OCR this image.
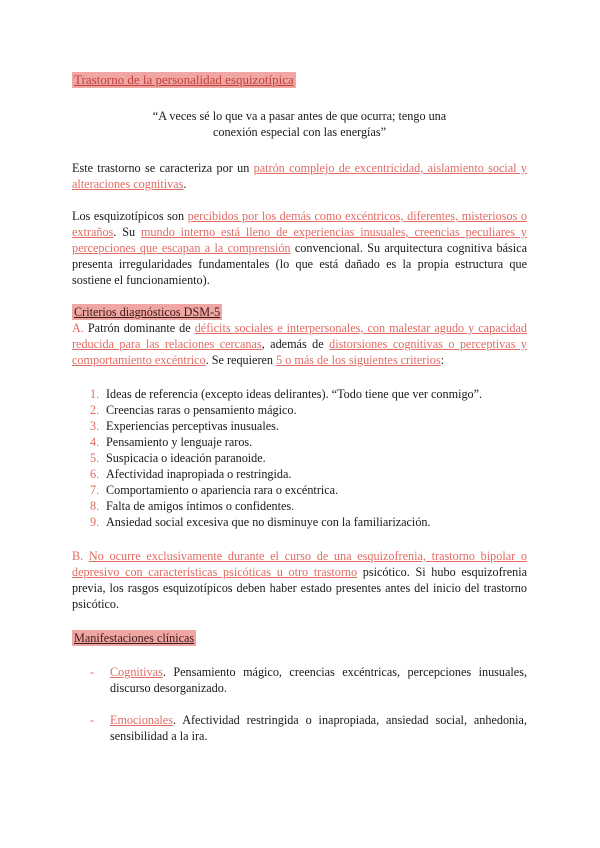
Trastorno de la personalidad esquizotípica
“A veces sé lo que va a pasar antes de que ocurra; tengo una
conexión especial con las energías”

Este trastorno se caracteriza por un patrón complejo de excentricidad, aislamiento social y alteraciones cognitivas.

Los esquizotípicos son percibidos por los demás como excéntricos, diferentes, misteriosos o extraños. Su mundo interno está lleno de experiencias inusuales, creencias peculiares y percepciones que escapan a la comprensión convencional. Su arquitectura cognitiva básica presenta irregularidades fundamentales (lo que está dañado es la propia estructura que sostiene el funcionamiento).

Criterios diagnósticos DSM-5

A. Patrón dominante de déficits sociales e interpersonales, con malestar agudo y capacidad reducida para las relaciones cercanas, además de distorsiones cognitivas o perceptivas y comportamiento excéntrico. Se requieren 5 o más de los siguientes criterios:

1. Ideas de referencia (excepto ideas delirantes). “Todo tiene que ver conmigo”.
2. Creencias raras o pensamiento mágico.
3. Experiencias perceptivas inusuales.
4. Pensamiento y lenguaje raros.
5. Suspicacia o ideación paranoide.
6. Afectividad inapropiada o restringida.
7. Comportamiento o apariencia rara o excéntrica.
8. Falta de amigos íntimos o confidentes.
9. Ansiedad social excesiva que no disminuye con la familiarización.

B. No ocurre exclusivamente durante el curso de una esquizofrenia, trastorno bipolar o depresivo con características psicóticas u otro trastorno psicótico. Si hubo esquizofrenia previa, los rasgos esquizotípicos deben haber estado presentes antes del inicio del trastorno psicótico.

Manifestaciones clínicas
- Cognitivas. Pensamiento mágico, creencias excéntricas, percepciones inusuales, discurso desorganizado.
- Emocionales. Afectividad restringida o inapropiada, ansiedad social, anhedonia, sensibilidad a la ira.
